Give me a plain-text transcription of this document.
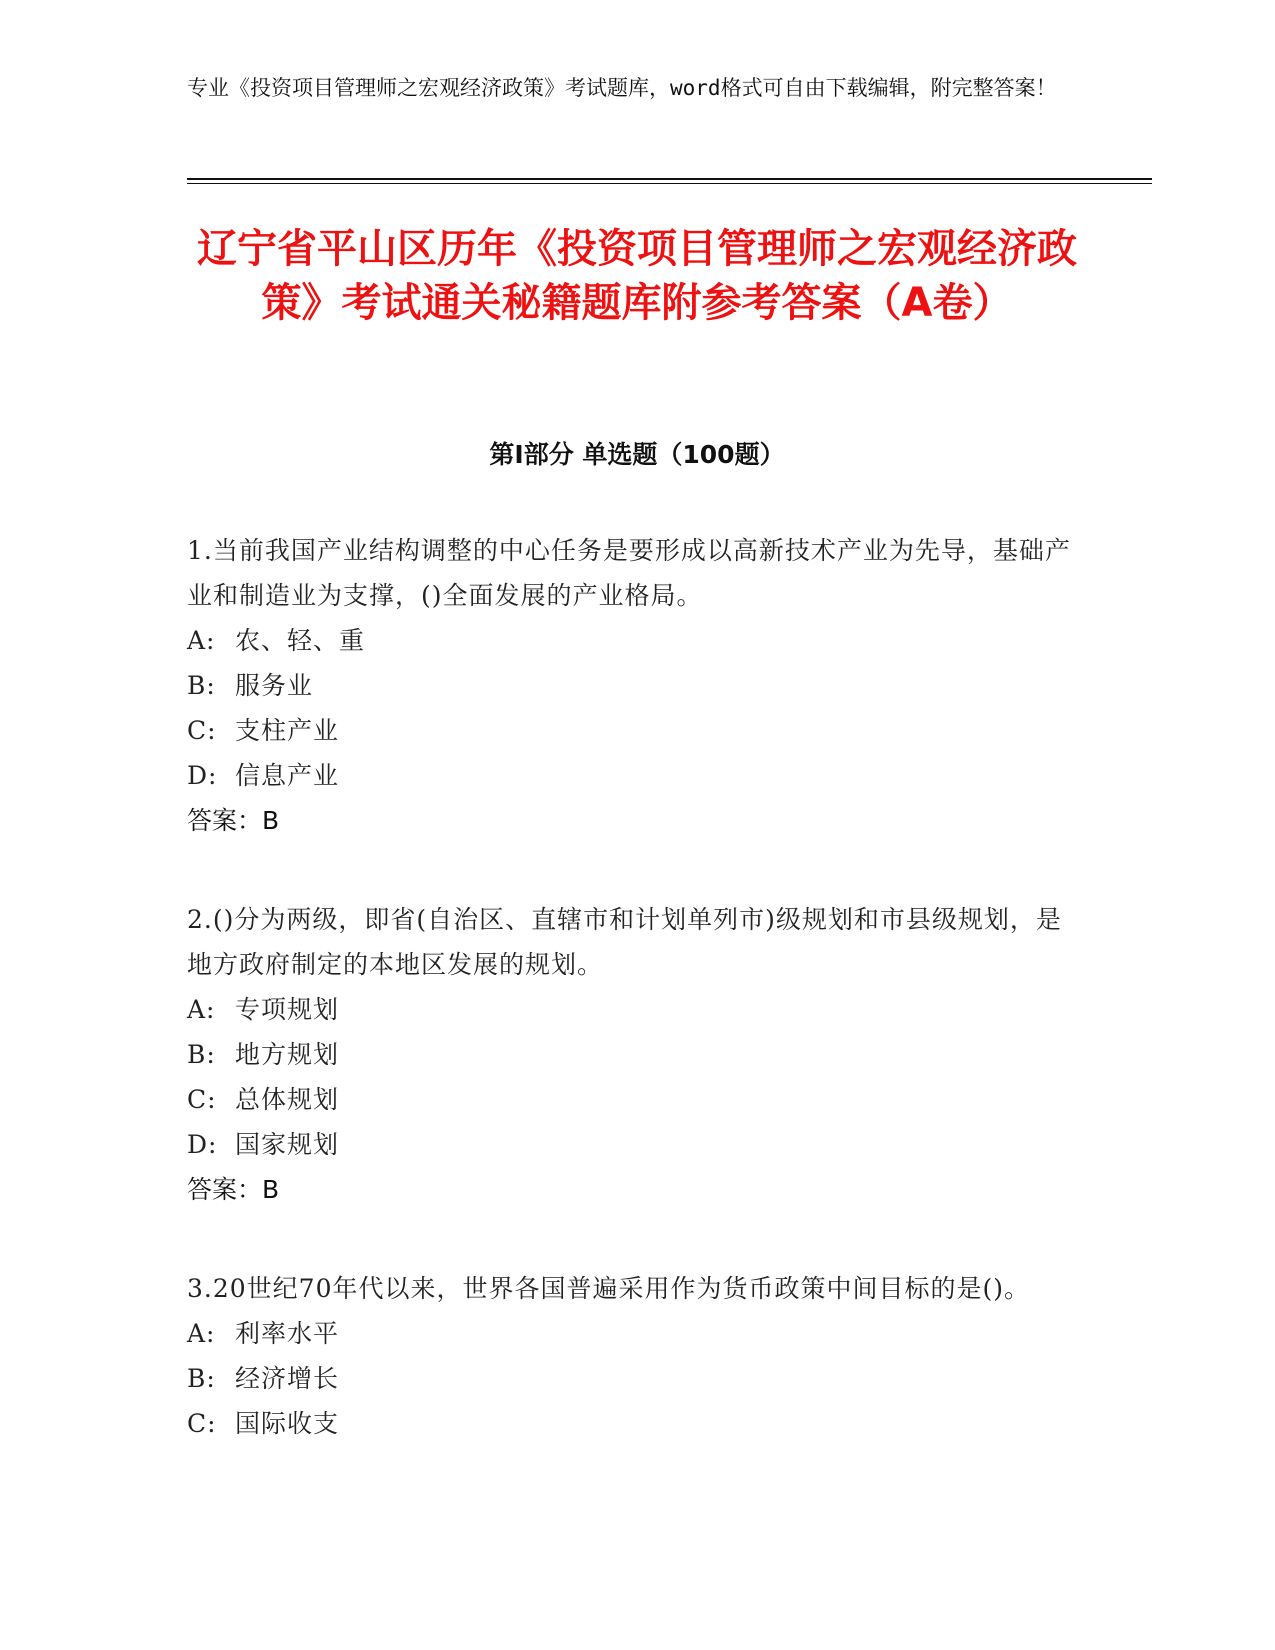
专业《投资项目管理师之宏观经济政策》考试题库，word格式可自由下载编辑，附完整答案！
辽宁省平山区历年《投资项目管理师之宏观经济政策》考试通关秘籍题库附参考答案（A卷）
第I部分 单选题（100题）
1.当前我国产业结构调整的中心任务是要形成以高新技术产业为先导，基础产业和制造业为支撑，()全面发展的产业格局。
A: 农、轻、重
B: 服务业
C: 支柱产业
D: 信息产业
答案：B
2.()分为两级，即省(自治区、直辖市和计划单列市)级规划和市县级规划，是地方政府制定的本地区发展的规划。
A: 专项规划
B: 地方规划
C: 总体规划
D: 国家规划
答案：B
3.20世纪70年代以来，世界各国普遍采用作为货币政策中间目标的是()。
A: 利率水平
B: 经济增长
C: 国际收支
